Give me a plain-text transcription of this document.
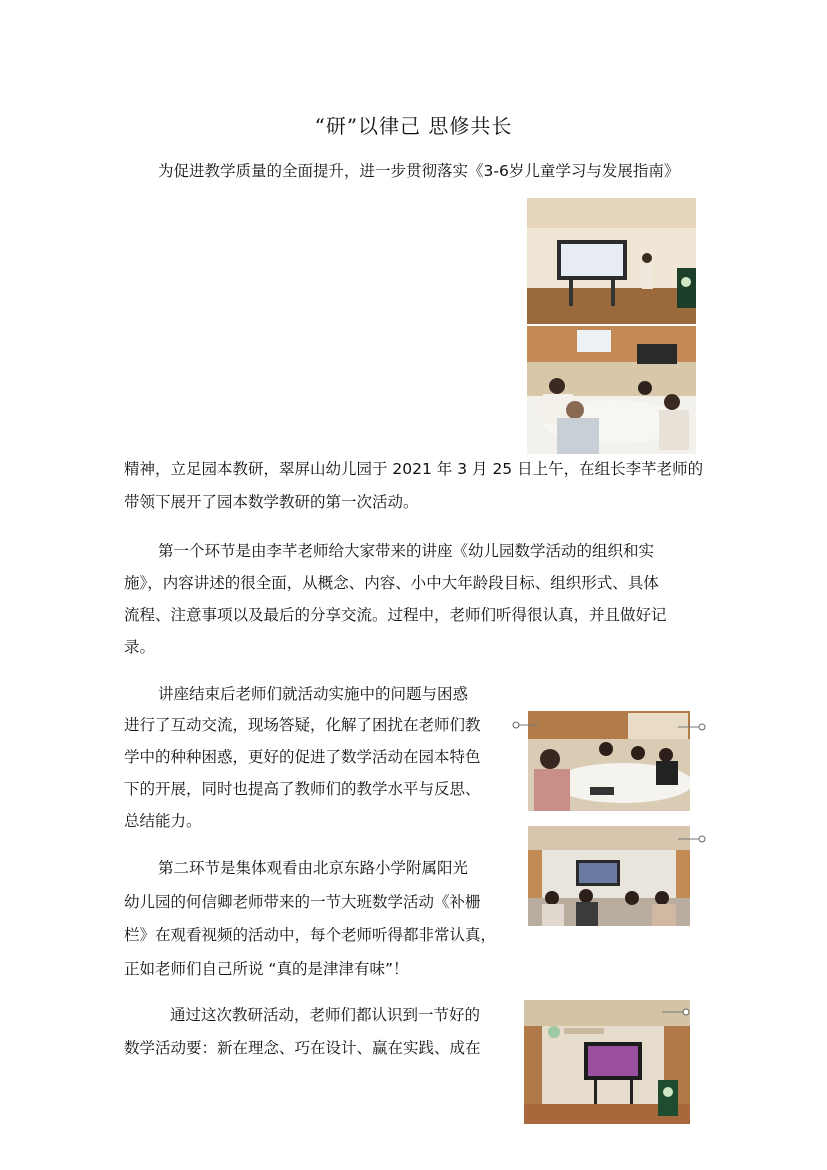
“研”以律己 思修共长
为促进教学质量的全面提升，进一步贯彻落实《3-6岁儿童学习与发展指南》
精神，立足园本教研，翠屏山幼儿园于 2021 年 3 月 25 日上午，在组长李芊老师的
带领下展开了园本数学教研的第一次活动。
第一个环节是由李芊老师给大家带来的讲座《幼儿园数学活动的组织和实
施》，内容讲述的很全面，从概念、内容、小中大年龄段目标、组织形式、具体
流程、注意事项以及最后的分享交流。过程中，老师们听得很认真，并且做好记
录。
讲座结束后老师们就活动实施中的问题与困惑
进行了互动交流，现场答疑，化解了困扰在老师们教
学中的种种困惑，更好的促进了数学活动在园本特色
下的开展，同时也提高了教师们的教学水平与反思、
总结能力。
第二环节是集体观看由北京东路小学附属阳光
幼儿园的何信卿老师带来的一节大班数学活动《补栅
栏》在观看视频的活动中，每个老师听得都非常认真，
正如老师们自己所说 “真的是津津有味”！
通过这次教研活动，老师们都认识到一节好的
数学活动要：新在理念、巧在设计、赢在实践、成在
